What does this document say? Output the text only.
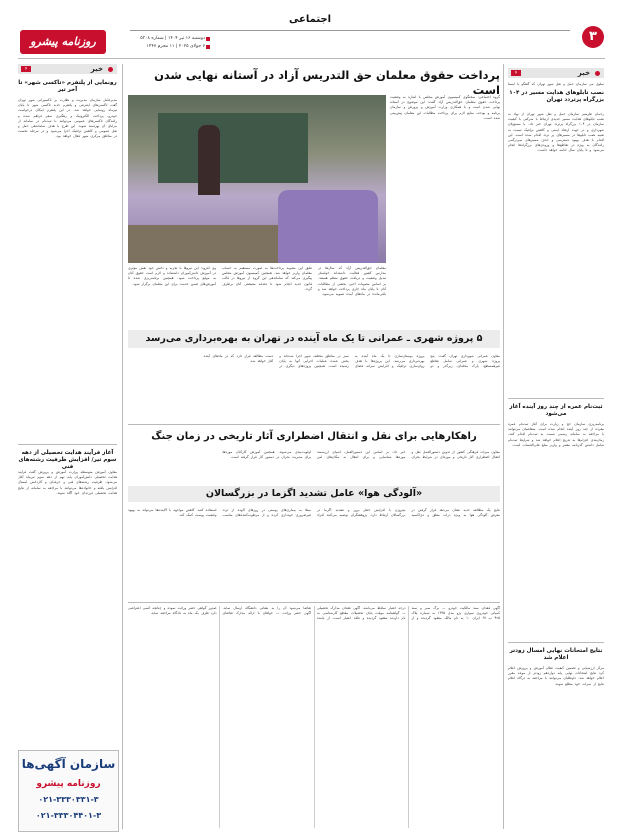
۳
اجتماعی
دوشنبه ۱۶ تیر ۱۴۰۴ | شماره ۵۳۰۸
۷ جولای ۲۰۲۵ | ۱۱ محرم ۱۴۴۷
روزنامه پیشرو
خبر
‹
سلول می سازمان حمل و نقل شهر تهران که گفتگو با ایسنا
نصب تابلوهای هدایت مسیر در ۱۰۴ بزرگراه پرتردد تهران
رحمان ظرمنیر سازمان حمل و نقل شهر تهران از نهاد به نصب تابلوهای هدایت مسیر جدیدی ارتباط با شرکتی با کیفیت سازمان در ۱۰۴ بزرگراه پرتردد تهران خبر داد. با مسؤولان شهرداری و در جهت ارتقاء ایمنی و کاهش ترافیک نسبت به تعبیه نصب تابلوها در مسیرهای پر تردد اقدام شده است. این اقدام با هدف بهبود دسترسی و حذف مسیرهای سردرگمی رانندگان به ویژه در تقاطع‌ها و ورودی‌های بزرگراه‌ها انجام می‌شود و تا پایان سال ادامه خواهد داشت.
ثبت‌نام عمره از چند روز آینده آغاز می‌شود
برنامه‌ریزی سازمان حج و زیارت برای آغاز ثبت‌نام عمره مفرده از چند روز آینده انجام شده است. متقاضیان می‌توانند با مراجعه به سامانه رسمی نسبت به ثبت‌نام اقدام کنند. زمان‌بندی اعزام‌ها به تدریج اعلام خواهد شد و شرایط ثبت‌نام شامل داشتن گذرنامه معتبر و واریز مبلغ علی‌الحساب است.
نتایج امتحانات نهایی امسال زودتر اعلام شد
مرکز ارزشیابی و تضمین کیفیت نظام آموزش و پرورش اعلام کرد نتایج امتحانات نهایی پایه دوازدهم زودتر از موعد مقرر اعلام خواهد شد. داوطلبان می‌توانند با مراجعه به درگاه اعلام نتایج از نمرات خود مطلع شوند.
خبر
‹
رونمایی از پلتفرم «تاکسی شهر» تا آخر تیر
مدیرعامل سازمان مدیریت و نظارت بر تاکسیرانی شهر تهران گفت تاکسی‌های اینترنتی و پلتفرم جدید تاکسی شهر تا پایان تیرماه رونمایی خواهد شد. در این پلتفرم امکان درخواست خودرو، پرداخت الکترونیک و رهگیری سفر فراهم شده و رانندگان تاکسی‌های عمومی می‌توانند با ثبت‌نام در سامانه از مزایای آن بهره‌مند شوند. این طرح با هدف ساماندهی حمل و نقل عمومی و کاهش ترافیک اجرا می‌شود و در مرحله نخست در مناطق مرکزی شهر فعال خواهد بود.
آغاز فرآیند هدایت تحصیلی از دهه سوم تیر/ افزایش ظرفیت رشته‌های فنی
معاون آموزش متوسطه وزارت آموزش و پرورش گفت فرآیند هدایت تحصیلی دانش‌آموزان پایه نهم از دهه سوم تیرماه آغاز می‌شود. ظرفیت رشته‌های فنی و حرفه‌ای و کاردانش امسال افزایش یافته و خانواده‌ها می‌توانند با مراجعه به سامانه از نتایج هدایت تحصیلی فرزندان خود آگاه شوند.
سازمان آگهی‌ها
روزنامه پیشرو
۰۲۱-۳۳۳۰۳۳۱-۳
۰۲۱-۳۳۳۰۴۴۰۱-۳
پرداخت حقوق معلمان حق التدریس آزاد در آستانه نهایی شدن است
گروه اجتماعی: سخنگوی کمیسیون آموزش مجلس با اشاره به وضعیت پرداخت حقوق معلمان حق‌التدریس آزاد گفت: این موضوع در آستانه نهایی شدن است و با همکاری وزارت آموزش و پرورش و سازمان برنامه و بودجه، منابع لازم برای پرداخت مطالبات این معلمان پیش‌بینی شده است.
معلمان حق‌التدریس آزاد که سال‌ها در مدارس کشور فعالیت داشته‌اند خواستار تبدیل وضعیت و دریافت حقوق منظم هستند. بر اساس مصوبات اخیر، بخشی از مطالبات آنان تا پایان ماه جاری پرداخت خواهد شد و باقی‌مانده در ماه‌های آینده تسویه می‌شود.
طبق این مصوبه پرداخت‌ها به صورت مستقیم به حساب معلمان واریز خواهد شد. همچنین کمیسیون آموزش مجلس پیگیری می‌کند که ساماندهی این گروه از نیروها در قالب قانون جدید انجام شود تا دغدغه معیشتی آنان برطرف گردد.
وی افزود: این نیروها با تجربه و دانش خود نقش مؤثری در آموزش دانش‌آموزان داشته‌اند و لازم است حقوق آنان به موقع پرداخت شود. همچنین برنامه‌ریزی شده تا آموزش‌های ضمن خدمت برای این معلمان برگزار شود.
۵ پروژه شهری ـ عمرانی تا یک ماه آینده در تهران به بهره‌برداری می‌رسد
معاون عمرانی شهرداری تهران گفت: پنج پروژه شهری و عمرانی شامل تقاطع غیرهمسطح، پارک محله‌ای، زیرگذر و دو پروژه بوستان‌سازی تا یک ماه آینده به بهره‌برداری می‌رسد. این پروژه‌ها با هدف روان‌سازی ترافیک و افزایش سرانه فضای سبز در مناطق مختلف شهر اجرا شده‌اند و بخش عمده عملیات اجرایی آنها به پایان رسیده است. همچنین پروژه‌های دیگری در دست مطالعه قرار دارد که در ماه‌های آینده آغاز خواهد شد.
راهکارهایی برای نقل و انتقال اضطراری آثار تاریخی در زمان جنگ
معاون میراث فرهنگی کشور از تدوین دستورالعمل نقل و انتقال اضطراری آثار تاریخی و موزه‌ای در شرایط بحران خبر داد. بر اساس این دستورالعمل، اشیای ارزشمند موزه‌ها شناسایی و برای انتقال به مکان‌های امن اولویت‌بندی می‌شوند. همچنین آموزش کارکنان موزه‌ها برای مدیریت بحران در دستور کار قرار گرفته است.
«آلودگی هوا» عامل تشدید اگزما در بزرگسالان
نتایج یک مطالعه جدید نشان می‌دهد قرار گرفتن در معرض آلودگی هوا به ویژه ذرات معلق و دی‌اکسید نیتروژن با افزایش خطر بروز و تشدید اگزما در بزرگسالان ارتباط دارد. پژوهشگران توصیه می‌کنند افراد مبتلا به بیماری‌های پوستی در روزهای آلوده از تردد غیرضروری خودداری کرده و از مرطوب‌کننده‌های مناسب استفاده کنند. کاهش مواجهه با آلاینده‌ها می‌تواند به بهبود وضعیت پوست کمک کند.
آگهی فقدان سند مالکیت خودرو — برگ سبز و سند کمپانی خودروی سواری پژو مدل ۱۳۹۵ به شماره پلاک ۴۲۵ ب ۶۷ ایران ۱۰ به نام مالک مفقود گردیده و از درجه اعتبار ساقط می‌باشد. آگهی فقدان مدارک تحصیلی — گواهینامه موقت پایان تحصیلات مقطع کارشناسی به نام دارنده مفقود گردیده و فاقد اعتبار است. از یابنده تقاضا می‌شود آن را به نشانی دانشگاه ارسال نماید. آگهی حصر وراثت — خواهان با ارائه مدارک تقاضای صدور گواهی حصر وراثت نموده و چنانچه کسی اعتراضی دارد ظرف یک ماه به دادگاه مراجعه نماید.
